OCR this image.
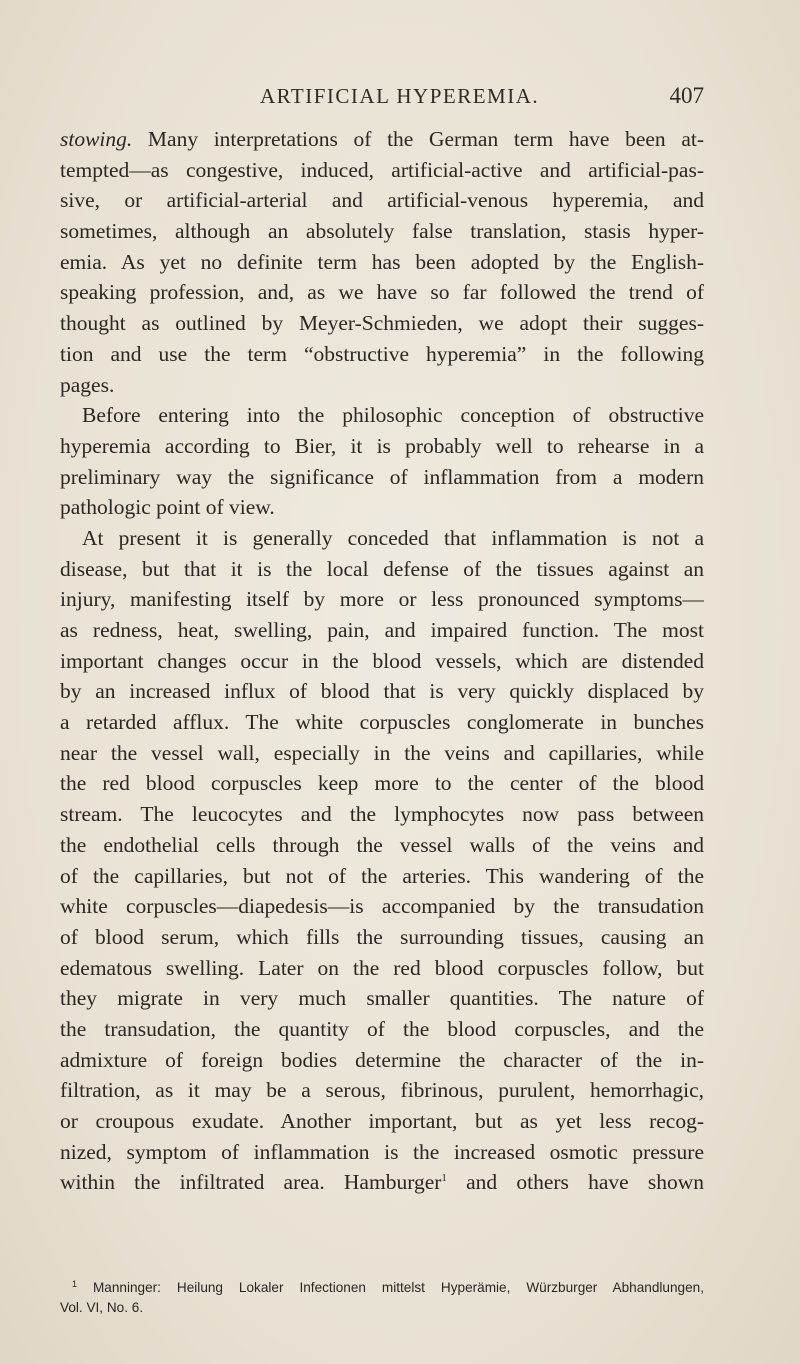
ARTIFICIAL HYPEREMIA.	407
stowing. Many interpretations of the German term have been at-
tempted—as congestive, induced, artificial-active and artificial-pas-
sive, or artificial-arterial and artificial-venous hyperemia, and
sometimes, although an absolutely false translation, stasis hyper-
emia. As yet no definite term has been adopted by the English-
speaking profession, and, as we have so far followed the trend of
thought as outlined by Meyer-Schmieden, we adopt their sugges-
tion and use the term “obstructive hyperemia” in the following
pages.
Before entering into the philosophic conception of obstructive
hyperemia according to Bier, it is probably well to rehearse in a
preliminary way the significance of inflammation from a modern
pathologic point of view.
At present it is generally conceded that inflammation is not a
disease, but that it is the local defense of the tissues against an
injury, manifesting itself by more or less pronounced symptoms—
as redness, heat, swelling, pain, and impaired function. The most
important changes occur in the blood vessels, which are distended
by an increased influx of blood that is very quickly displaced by
a retarded afflux. The white corpuscles conglomerate in bunches
near the vessel wall, especially in the veins and capillaries, while
the red blood corpuscles keep more to the center of the blood
stream. The leucocytes and the lymphocytes now pass between
the endothelial cells through the vessel walls of the veins and
of the capillaries, but not of the arteries. This wandering of the
white corpuscles—diapedesis—is accompanied by the transudation
of blood serum, which fills the surrounding tissues, causing an
edematous swelling. Later on the red blood corpuscles follow, but
they migrate in very much smaller quantities. The nature of
the transudation, the quantity of the blood corpuscles, and the
admixture of foreign bodies determine the character of the in-
filtration, as it may be a serous, fibrinous, purulent, hemorrhagic,
or croupous exudate. Another important, but as yet less recog-
nized, symptom of inflammation is the increased osmotic pressure
within the infiltrated area. Hamburger$^1$ and others have shown
$^1$ Manninger: Heilung Lokaler Infectionen mittelst Hyperämie, Würzburger Abhandlungen,
Vol. VI, No. 6.
